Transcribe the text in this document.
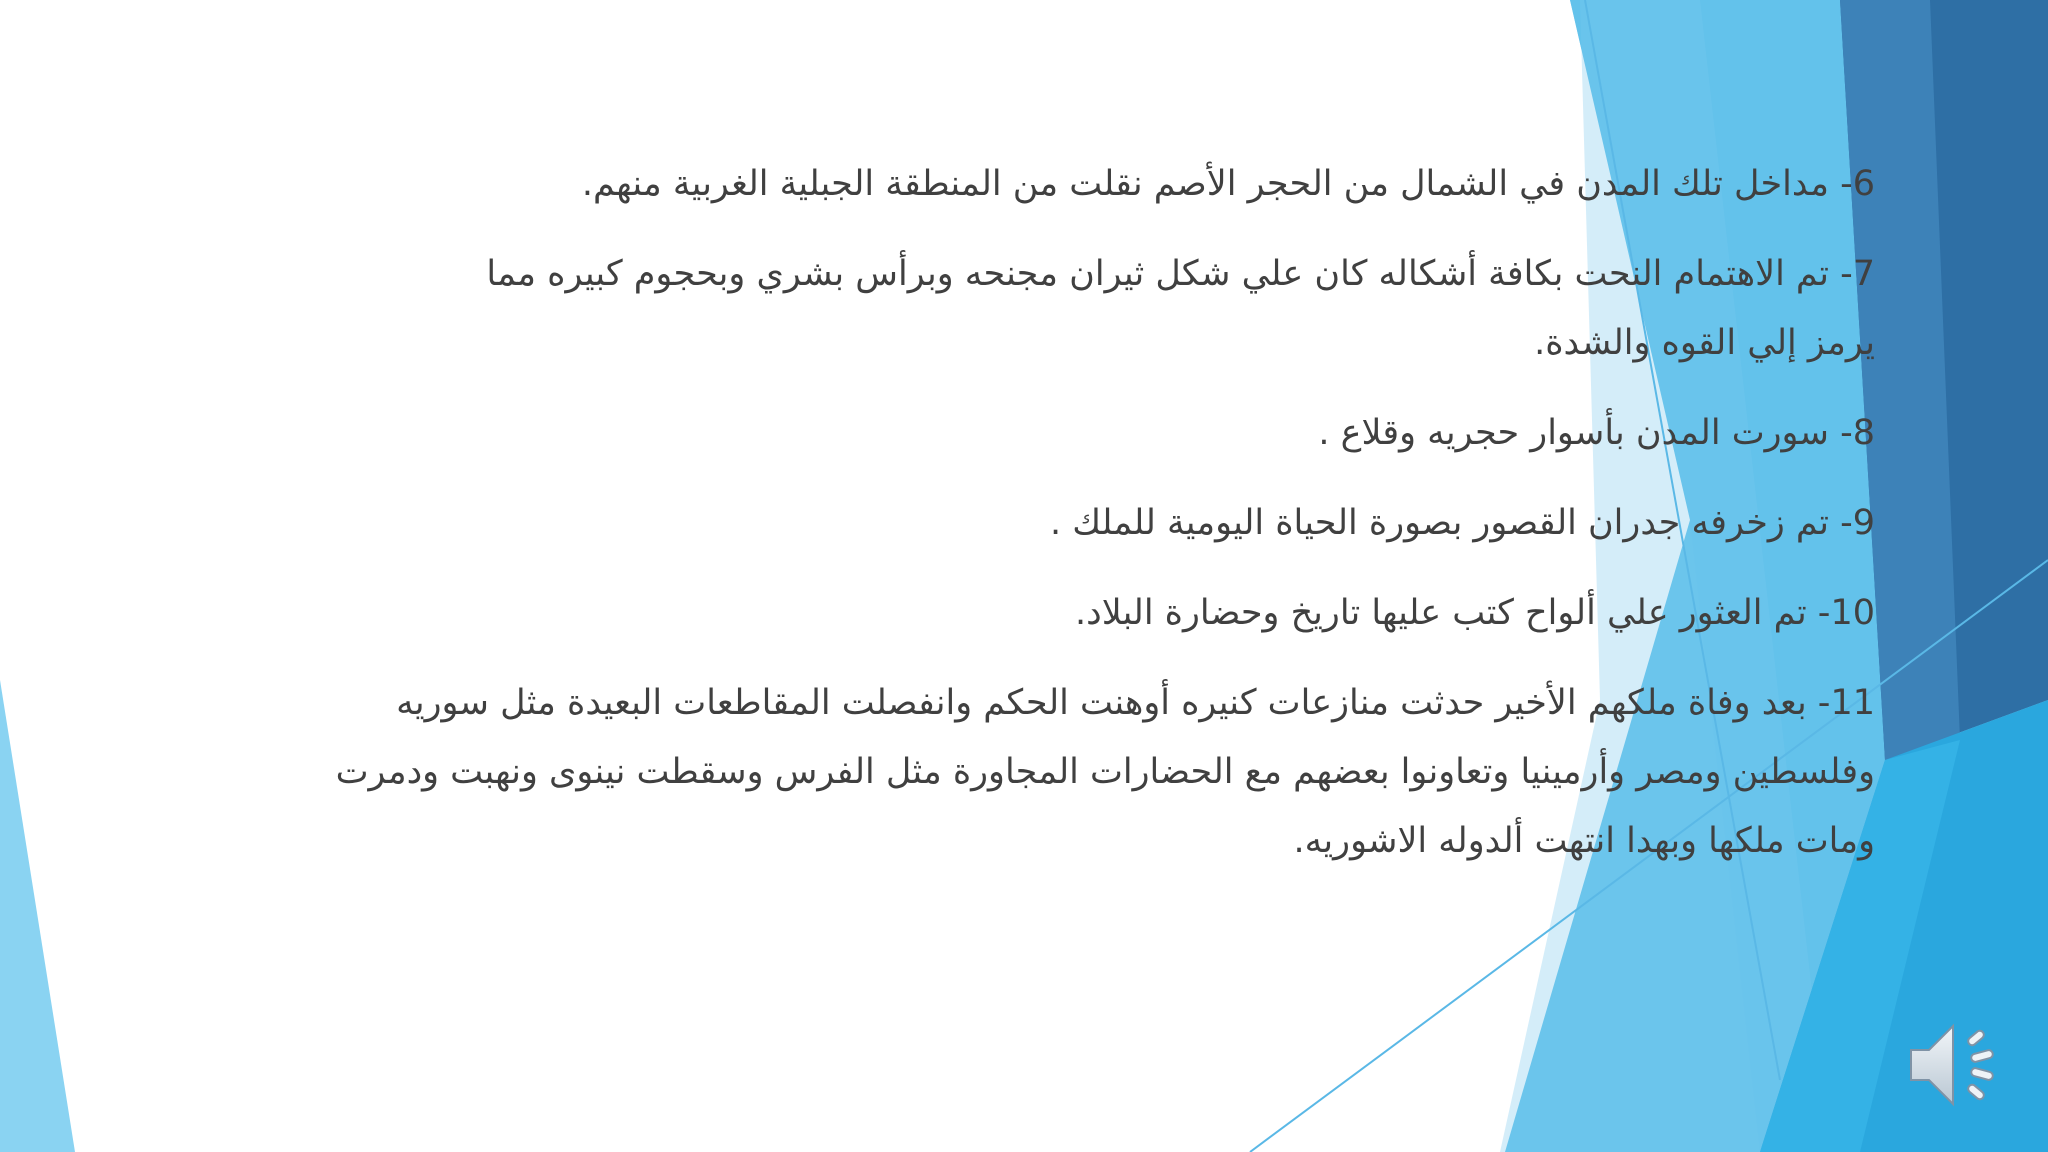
6- مداخل تلك المدن في الشمال من الحجر الأصم نقلت من المنطقة الجبلية الغربية منهم.

7- تم الاهتمام النحت بكافة أشكاله كان علي شكل ثيران مجنحه وبرأس بشري وبحجوم كبيره مما يرمز إلي القوه والشدة.

8- سورت المدن بأسوار حجريه وقلاع .

9- تم زخرفه جدران القصور بصورة الحياة اليومية للملك .

10- تم العثور علي ألواح كتب عليها تاريخ وحضارة البلاد.

11- بعد وفاة ملكهم الأخير حدثت منازعات كنيره أوهنت الحكم وانفصلت المقاطعات البعيدة مثل سوريه وفلسطين ومصر وأرمينيا وتعاونوا بعضهم مع الحضارات المجاورة مثل الفرس وسقطت نينوى ونهبت ودمرت ومات ملكها وبهدا انتهت ألدوله الاشوريه.
